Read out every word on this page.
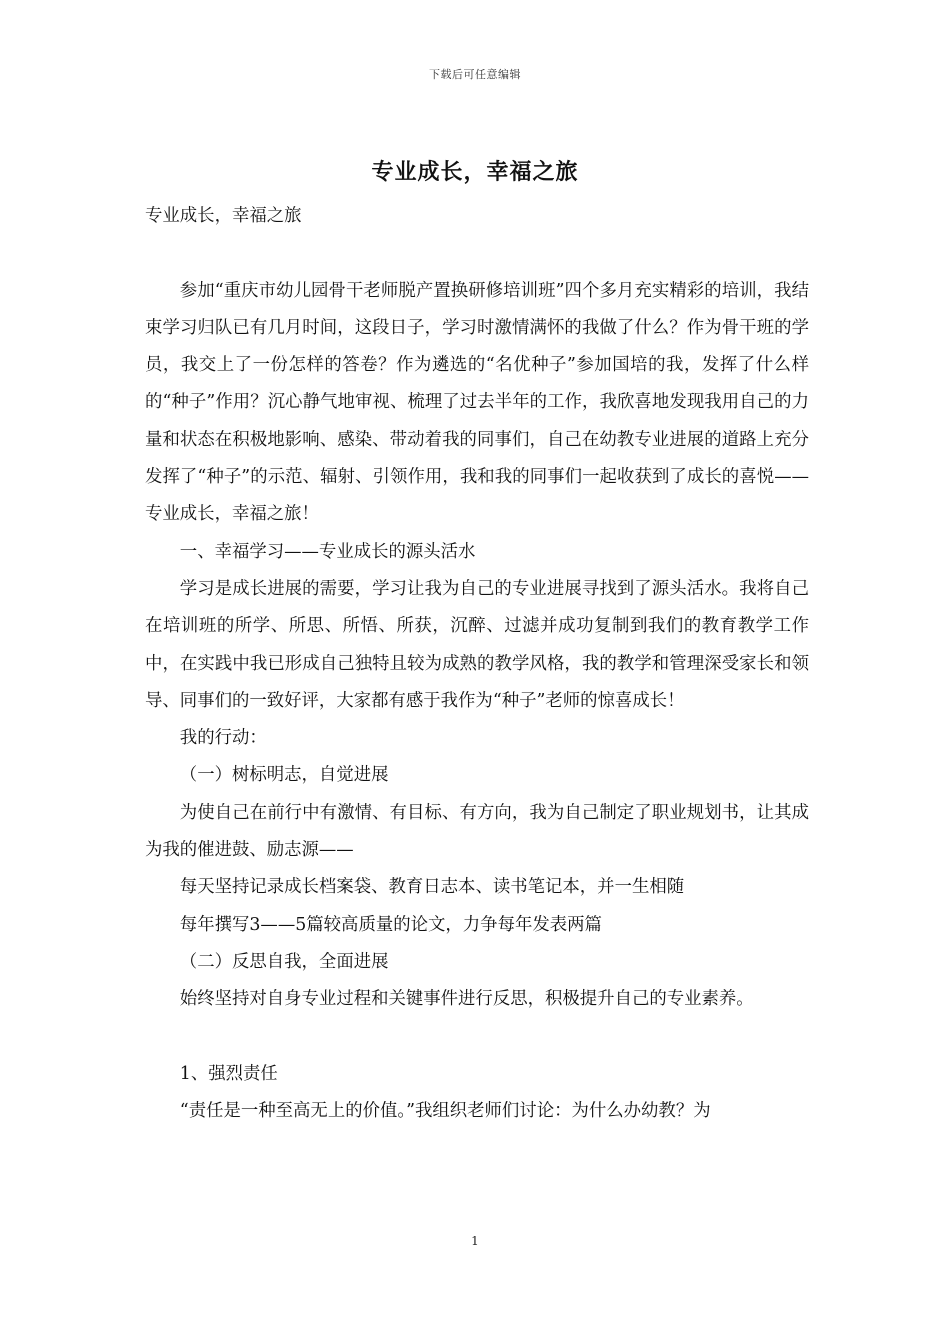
下载后可任意编辑
专业成长，幸福之旅

专业成长，幸福之旅

参加“重庆市幼儿园骨干老师脱产置换研修培训班”四个多月充实精彩的培训，我结束学习归队已有几月时间，这段日子，学习时激情满怀的我做了什么？作为骨干班的学员，我交上了一份怎样的答卷？作为遴选的“名优种子”参加国培的我，发挥了什么样的“种子”作用？沉心静气地审视、梳理了过去半年的工作，我欣喜地发现我用自己的力量和状态在积极地影响、感染、带动着我的同事们，自己在幼教专业进展的道路上充分发挥了“种子”的示范、辐射、引领作用，我和我的同事们一起收获到了成长的喜悦——专业成长，幸福之旅！

一、幸福学习——专业成长的源头活水

学习是成长进展的需要，学习让我为自己的专业进展寻找到了源头活水。我将自己在培训班的所学、所思、所悟、所获，沉醉、过滤并成功复制到我们的教育教学工作中，在实践中我已形成自己独特且较为成熟的教学风格，我的教学和管理深受家长和领导、同事们的一致好评，大家都有感于我作为“种子”老师的惊喜成长！

我的行动：

（一）树标明志，自觉进展

为使自己在前行中有激情、有目标、有方向，我为自己制定了职业规划书，让其成为我的催进鼓、励志源——

每天坚持记录成长档案袋、教育日志本、读书笔记本，并一生相随

每年撰写3——5篇较高质量的论文，力争每年发表两篇

（二）反思自我，全面进展

始终坚持对自身专业过程和关键事件进行反思，积极提升自己的专业素养。

1、强烈责任

“责任是一种至高无上的价值。”我组织老师们讨论：为什么办幼教？为

1
